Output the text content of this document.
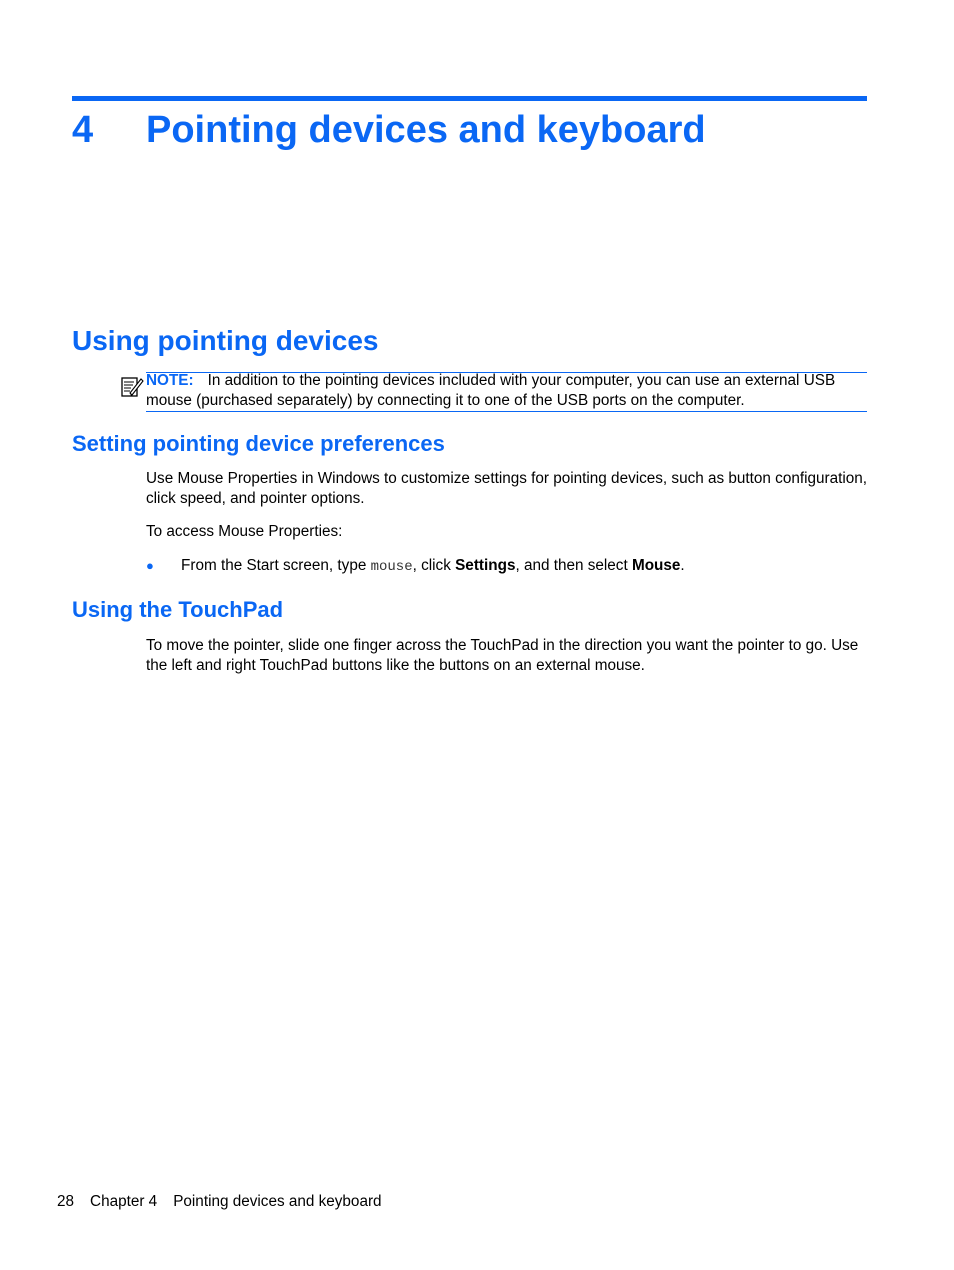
4 Pointing devices and keyboard
Using pointing devices
NOTE: In addition to the pointing devices included with your computer, you can use an external USB mouse (purchased separately) by connecting it to one of the USB ports on the computer.
Setting pointing device preferences
Use Mouse Properties in Windows to customize settings for pointing devices, such as button configuration, click speed, and pointer options.
To access Mouse Properties:
● From the Start screen, type mouse, click Settings, and then select Mouse.
Using the TouchPad
To move the pointer, slide one finger across the TouchPad in the direction you want the pointer to go. Use the left and right TouchPad buttons like the buttons on an external mouse.
28 Chapter 4 Pointing devices and keyboard
